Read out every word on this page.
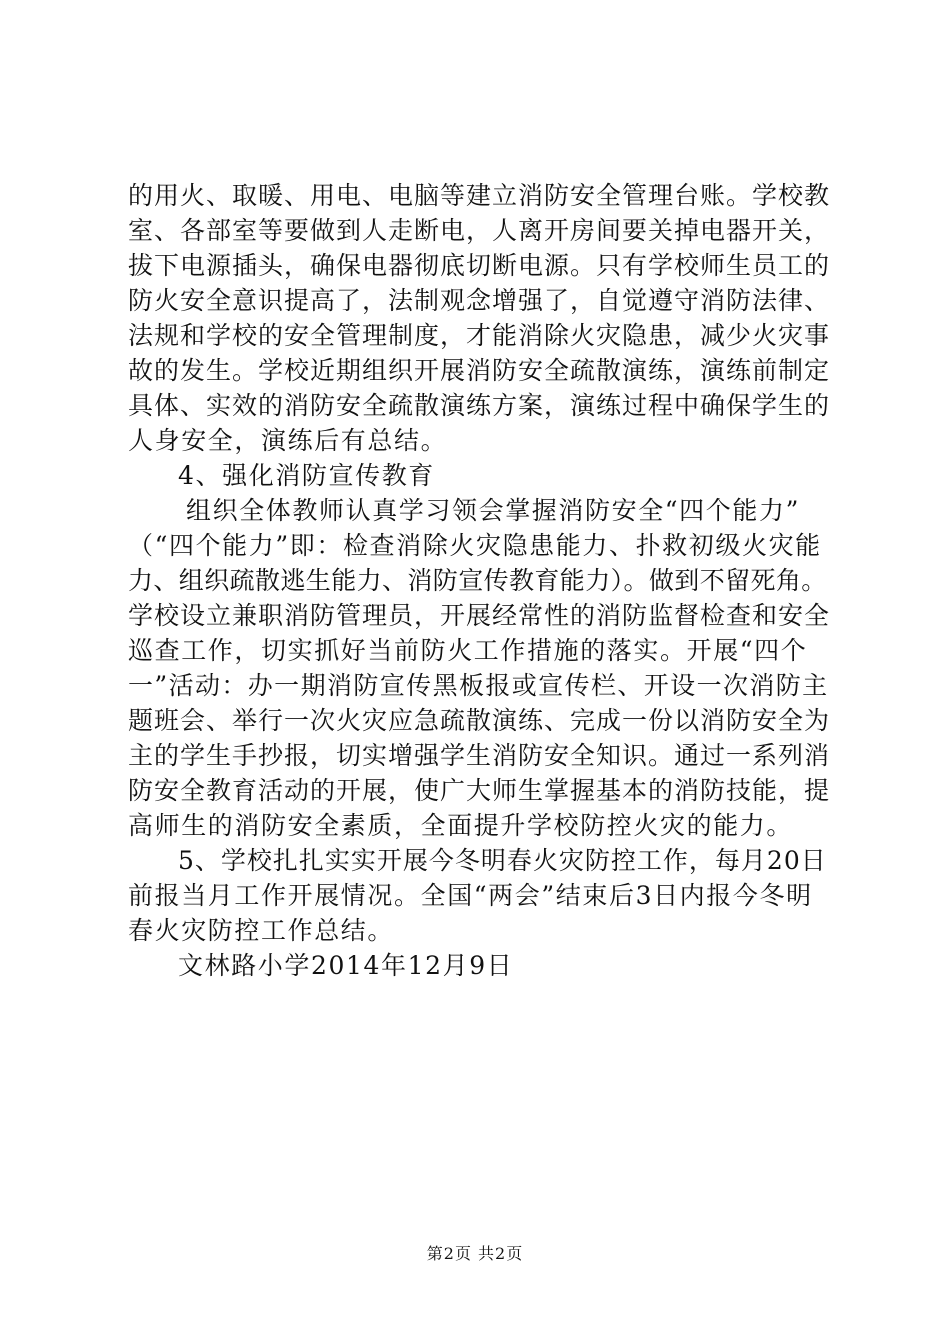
的用火、取暖、用电、电脑等建立消防安全管理台账。学校教
室、各部室等要做到人走断电，人离开房间要关掉电器开关，
拔下电源插头，确保电器彻底切断电源。只有学校师生员工的
防火安全意识提高了，法制观念增强了，自觉遵守消防法律、
法规和学校的安全管理制度，才能消除火灾隐患，减少火灾事
故的发生。学校近期组织开展消防安全疏散演练，演练前制定
具体、实效的消防安全疏散演练方案，演练过程中确保学生的
人身安全，演练后有总结。
4、强化消防宣传教育
组织全体教师认真学习领会掌握消防安全“四个能力”
（“四个能力”即：检查消除火灾隐患能力、扑救初级火灾能
力、组织疏散逃生能力、消防宣传教育能力）。做到不留死角。
学校设立兼职消防管理员，开展经常性的消防监督检查和安全
巡查工作，切实抓好当前防火工作措施的落实。开展“四个
一”活动：办一期消防宣传黑板报或宣传栏、开设一次消防主
题班会、举行一次火灾应急疏散演练、完成一份以消防安全为
主的学生手抄报，切实增强学生消防安全知识。通过一系列消
防安全教育活动的开展，使广大师生掌握基本的消防技能，提
高师生的消防安全素质，全面提升学校防控火灾的能力。
5、学校扎扎实实开展今冬明春火灾防控工作，每月20日
前报当月工作开展情况。全国“两会”结束后3日内报今冬明
春火灾防控工作总结。
文林路小学2014年12月9日
第2页 共2页
